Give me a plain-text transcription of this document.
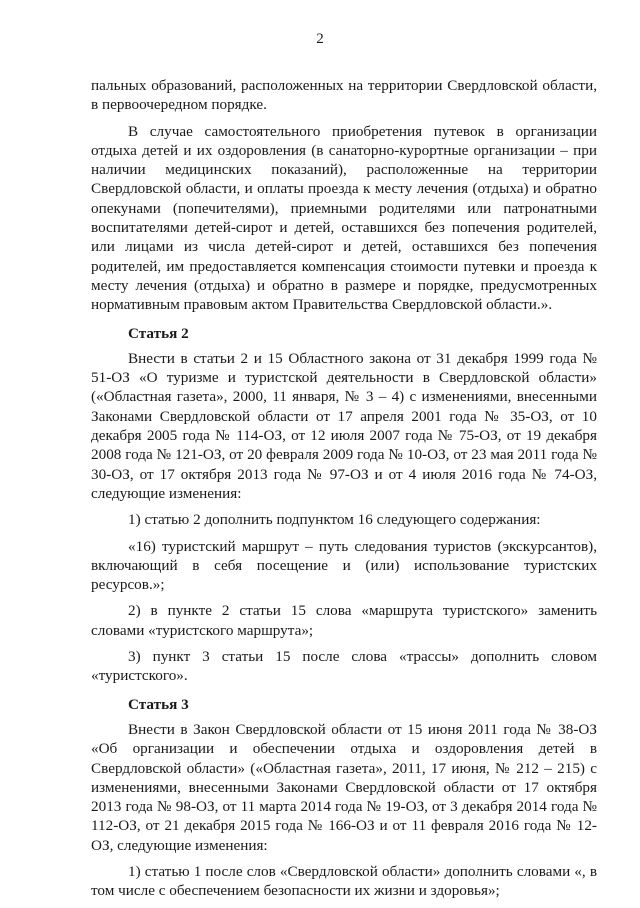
2

пальных образований, расположенных на территории Свердловской области, в первоочередном порядке.

В случае самостоятельного приобретения путевок в организации отдыха детей и их оздоровления (в санаторно-курортные организации – при наличии медицинских показаний), расположенные на территории Свердловской области, и оплаты проезда к месту лечения (отдыха) и обратно опекунами (попечителями), приемными родителями или патронатными воспитателями детей-сирот и детей, оставшихся без попечения родителей, или лицами из числа детей-сирот и детей, оставшихся без попечения родителей, им предоставляется компенсация стоимости путевки и проезда к месту лечения (отдыха) и обратно в размере и порядке, предусмотренных нормативным правовым актом Правительства Свердловской области.».

Статья 2

Внести в статьи 2 и 15 Областного закона от 31 декабря 1999 года № 51-ОЗ «О туризме и туристской деятельности в Свердловской области» («Областная газета», 2000, 11 января, № 3 – 4) с изменениями, внесенными Законами Свердловской области от 17 апреля 2001 года № 35-ОЗ, от 10 декабря 2005 года № 114-ОЗ, от 12 июля 2007 года № 75-ОЗ, от 19 декабря 2008 года № 121-ОЗ, от 20 февраля 2009 года № 10-ОЗ, от 23 мая 2011 года № 30-ОЗ, от 17 октября 2013 года № 97-ОЗ и от 4 июля 2016 года № 74-ОЗ, следующие изменения:

1) статью 2 дополнить подпунктом 16 следующего содержания:

«16) туристский маршрут – путь следования туристов (экскурсантов), включающий в себя посещение и (или) использование туристских ресурсов.»;

2) в пункте 2 статьи 15 слова «маршрута туристского» заменить словами «туристского маршрута»;

3) пункт 3 статьи 15 после слова «трассы» дополнить словом «туристского».

Статья 3

Внести в Закон Свердловской области от 15 июня 2011 года № 38-ОЗ «Об организации и обеспечении отдыха и оздоровления детей в Свердловской области» («Областная газета», 2011, 17 июня, № 212 – 215) с изменениями, внесенными Законами Свердловской области от 17 октября 2013 года № 98-ОЗ, от 11 марта 2014 года № 19-ОЗ, от 3 декабря 2014 года № 112-ОЗ, от 21 декабря 2015 года № 166-ОЗ и от 11 февраля 2016 года № 12-ОЗ, следующие изменения:

1) статью 1 после слов «Свердловской области» дополнить словами «, в том числе с обеспечением безопасности их жизни и здоровья»;
